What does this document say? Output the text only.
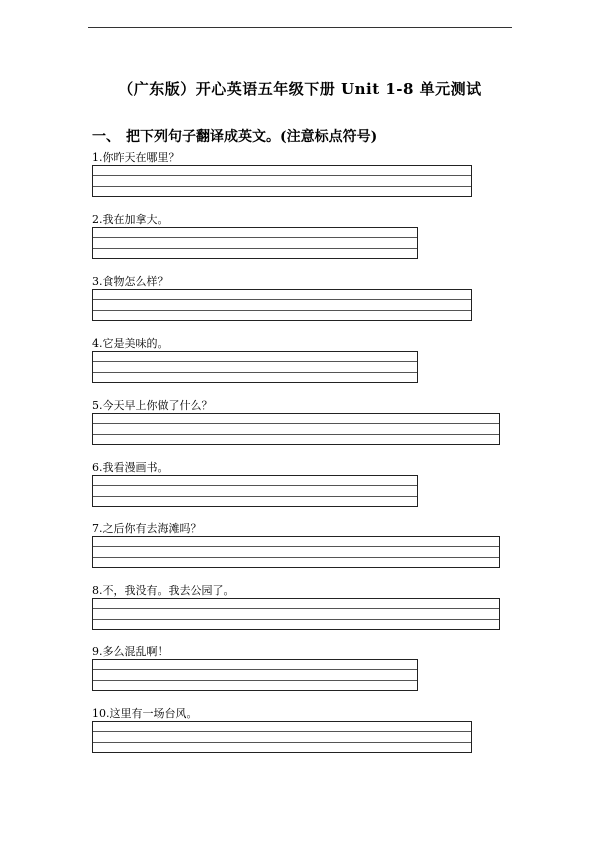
（广东版）开心英语五年级下册 Unit 1-8 单元测试
一、 把下列句子翻译成英文。(注意标点符号)
1.你昨天在哪里？
2.我在加拿大。
3.食物怎么样？
4.它是美味的。
5.今天早上你做了什么？
6.我看漫画书。
7.之后你有去海滩吗？
8.不，我没有。我去公园了。
9.多么混乱啊！
10.这里有一场台风。
